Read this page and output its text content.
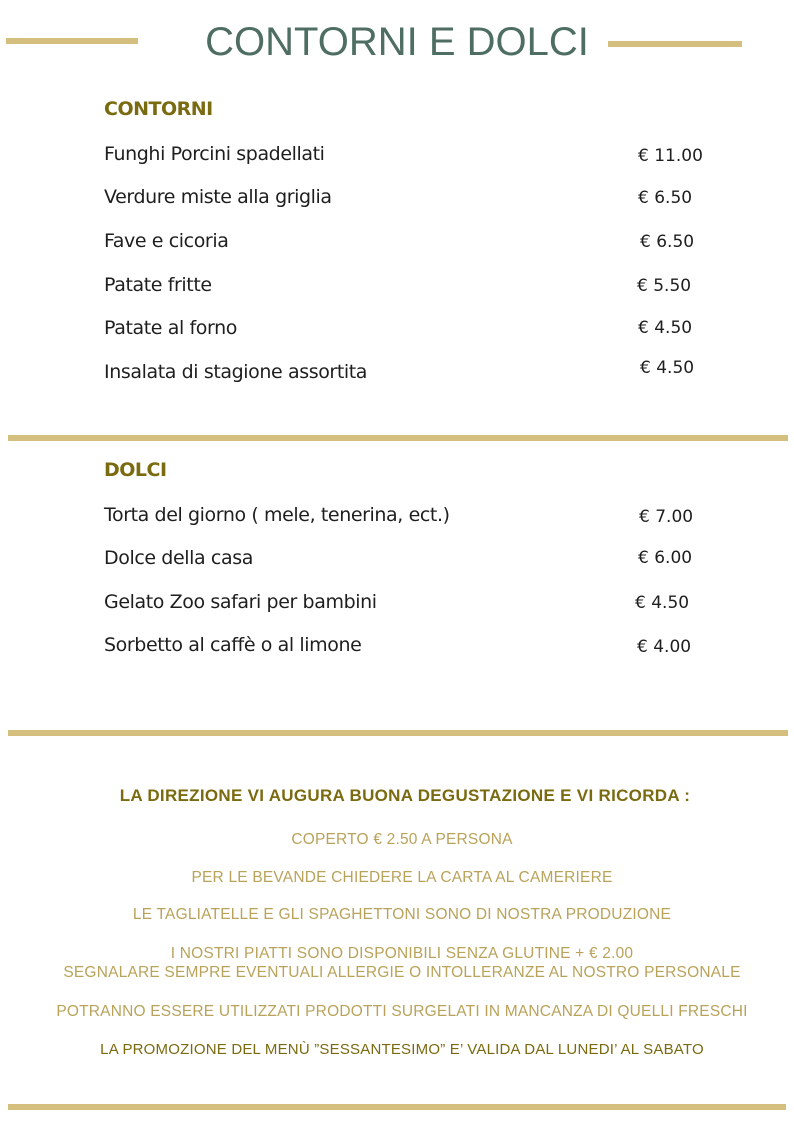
CONTORNI E DOLCI
CONTORNI
Funghi Porcini spadellati	€ 11.00
Verdure miste alla griglia	€ 6.50
Fave e cicoria	€ 6.50
Patate fritte	€ 5.50
Patate al forno	€ 4.50
Insalata di stagione assortita	€ 4.50
DOLCI
Torta del giorno ( mele, tenerina, ect.)	€ 7.00
Dolce della casa	€ 6.00
Gelato Zoo safari per bambini	€ 4.50
Sorbetto al caffè o al limone	€ 4.00
LA DIREZIONE VI AUGURA BUONA DEGUSTAZIONE E VI RICORDA :
COPERTO € 2.50 A PERSONA
PER LE BEVANDE CHIEDERE LA CARTA AL CAMERIERE
LE TAGLIATELLE E GLI SPAGHETTONI SONO DI NOSTRA PRODUZIONE
I NOSTRI PIATTI SONO DISPONIBILI SENZA GLUTINE + € 2.00
SEGNALARE SEMPRE EVENTUALI ALLERGIE O INTOLLERANZE AL NOSTRO PERSONALE
POTRANNO ESSERE UTILIZZATI PRODOTTI SURGELATI IN MANCANZA DI QUELLI FRESCHI
LA PROMOZIONE DEL MENÙ ”SESSANTESIMO” E’ VALIDA DAL LUNEDI’ AL SABATO
